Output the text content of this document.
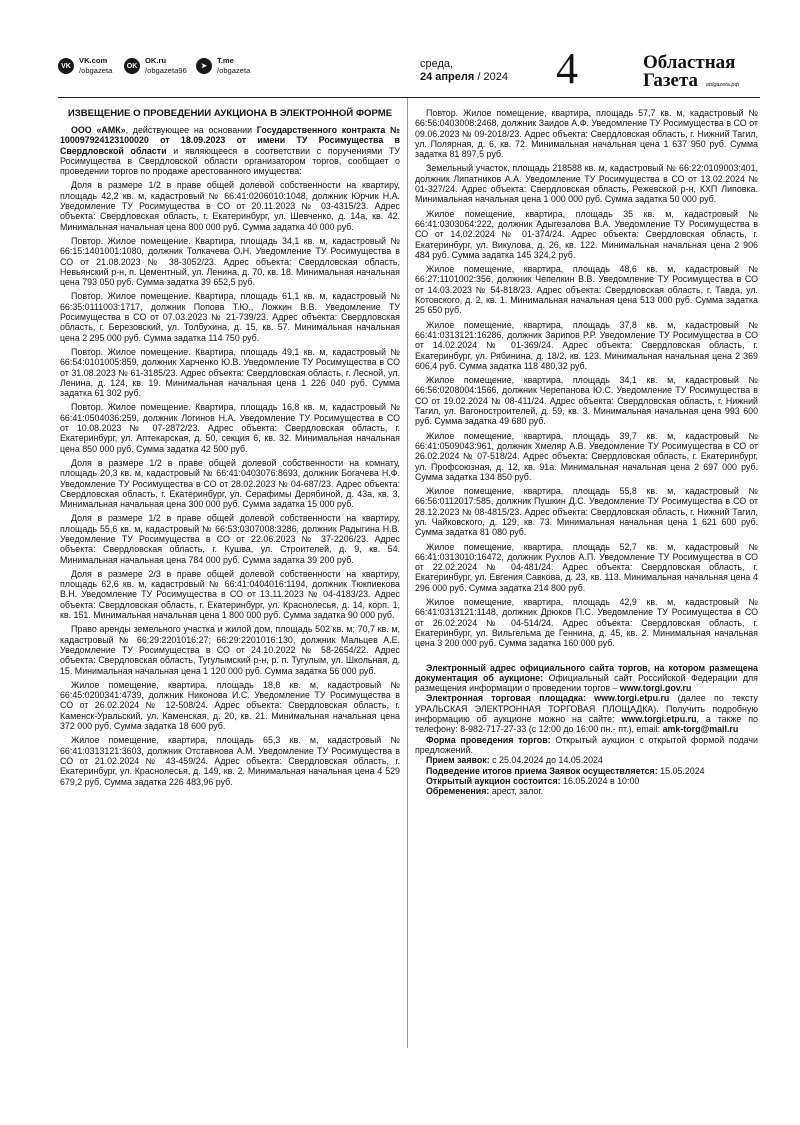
VK
VK.com
/obgazeta	OK
OK.ru
/obgazeta96	➤
T.me
/obgazeta	среда,
24 апреля / 2024 4	Областная
Газета	oblgazeta.рф
ИЗВЕЩЕНИЕ О ПРОВЕДЕНИИ АУКЦИОНА В ЭЛЕКТРОННОЙ ФОРМЕ

ООО «АМК», действующее на основании Государственного контракта № 100097924123100020 от 18.09.2023 от имени ТУ Росимущества в Свердловской области и являющееся в соответствии с поручениями ТУ Росимущества в Свердловской области организатором торгов, сообщает о проведении торгов по продаже арестованного имущества:

Доля в размере 1/2 в праве общей долевой собственности на квартиру, площадь 42,2 кв. м, кадастровый № 66:41:0206010:1048, должник Юрчик Н.А. Уведомление ТУ Росимущества в СО от 20.11.2023 № 03-4315/23. Адрес объекта: Свердловская область, г. Екатеринбург, ул. Шевченко, д. 14а, кв. 42. Минимальная начальная цена 800 000 руб. Сумма задатка 40 000 руб.

Повтор. Жилое помещение. Квартира, площадь 34,1 кв. м, кадастровый № 66:15:1401001:1080, должник Толкачева О.Н. Уведомление ТУ Росимущества в СО от 21.08.2023 № 38-3052/23. Адрес объекта: Свердловская область, Невьянский р-н, п. Цементный, ул. Ленина, д. 70, кв. 18. Минимальная начальная цена 793 050 руб. Сумма задатка 39 652,5 руб.

Повтор. Жилое помещение. Квартира, площадь 61,1 кв. м, кадастровый № 66:35:0111003:1717, должник Попова Т.Ю., Ложкин В.В. Уведомление ТУ Росимущества в СО от 07.03.2023 № 21-739/23. Адрес объекта: Свердловская область, г. Березовский, ул. Толбухина, д. 15, кв. 57. Минимальная начальная цена 2 295 000 руб. Сумма задатка 114 750 руб.

Повтор. Жилое помещение. Квартира, площадь 49,1 кв. м, кадастровый № 66:54:0101005:859, должник Харченко Ю.В. Уведомление ТУ Росимущества в СО от 31.08.2023 № 61-3185/23. Адрес объекта: Свердловская область, г. Лесной, ул. Ленина, д. 124, кв. 19. Минимальная начальная цена 1 226 040 руб. Сумма задатка 61 302 руб.

Повтор. Жилое помещение. Квартира, площадь 16,8 кв. м, кадастровый № 66:41:0504036:259, должник Логинов Н.А. Уведомление ТУ Росимущества в СО от 10.08.2023 № 07-2872/23. Адрес объекта: Свердловская область, г. Екатеринбург, ул. Аптекарская, д. 50, секция 6, кв. 32. Минимальная начальная цена 850 000 руб. Сумма задатка 42 500 руб.

Доля в размере 1/2 в праве общей долевой собственности на комнату, площадь 20,3 кв. м, кадастровый № 66:41:0403076:8693, должник Богачева Н.Ф. Уведомление ТУ Росимущества в СО от 28.02.2023 № 04-687/23. Адрес объекта: Свердловская область, г. Екатеринбург, ул. Серафимы Дерябиной, д. 43а, кв. 3. Минимальная начальная цена 300 000 руб. Сумма задатка 15 000 руб.

Доля в размере 1/2 в праве общей долевой собственности на квартиру, площадь 55,6 кв. м, кадастровый № 66:53:0307008:3286, должник Радыгина Н.В. Уведомление ТУ Росимущества в СО от 22.06.2023 № 37-2206/23. Адрес объекта: Свердловская область, г. Кушва, ул. Строителей, д. 9, кв. 54. Минимальная начальная цена 784 000 руб. Сумма задатка 39 200 руб.

Доля в размере 2/3 в праве общей долевой собственности на квартиру, площадь 62,6 кв. м, кадастровый № 66:41:0404016:1194, должник Тюкпиекова В.Н. Уведомление ТУ Росимущества в СО от 13.11.2023 № 04-4183/23. Адрес объекта: Свердловская область, г. Екатеринбург, ул. Краснолесья, д. 14, корп. 1, кв. 151. Минимальная начальная цена 1 800 000 руб. Сумма задатка 90 000 руб.

Право аренды земельного участка и жилой дом, площадь 502 кв. м; 70,7 кв. м, кадастровый № 66:29:2201016:27; 66:29:2201016:130, должник Мальцев А.Е. Уведомление ТУ Росимущества в СО от 24.10.2022 № 58-2654/22. Адрес объекта: Свердловская область, Тугулымский р-н, р. п. Тугулым, ул. Школьная, д. 15. Минимальная начальная цена 1 120 000 руб. Сумма задатка 56 000 руб.

Жилое помещение, квартира, площадь 18,8 кв. м, кадастровый № 66:45:0200341:4739, должник Никонова И.С. Уведомление ТУ Росимущества в СО от 26.02.2024 № 12-508/24. Адрес объекта: Свердловская область, г. Каменск-Уральский, ул. Каменская, д. 20, кв. 21. Минимальная начальная цена 372 000 руб. Сумма задатка 18 600 руб.

Жилое помещение, квартира, площадь 65,3 кв. м, кадастровый № 66:41:0313121:3603, должник Отставнова А.М. Уведомление ТУ Росимущества в СО от 21.02.2024 № 43-459/24. Адрес объекта: Свердловская область, г. Екатеринбург, ул. Краснолесья, д. 149, кв. 2. Минимальная начальная цена 4 529 679,2 руб. Сумма задатка 226 483,96 руб.

Повтор. Жилое помещение, квартира, площадь 57,7 кв. м, кадастровый № 66:56:0403008:2468, должник Заидов А.Ф. Уведомление ТУ Росимущества в СО от 09.06.2023 № 09-2018/23. Адрес объекта: Свердловская область, г. Нижний Тагил, ул. Полярная, д. 6, кв. 72. Минимальная начальная цена 1 637 950 руб. Сумма задатка 81 897,5 руб.

Земельный участок, площадь 218588 кв. м, кадастровый № 66:22:0109003:401, должник Липатников А.А. Уведомление ТУ Росимущества в СО от 13.02.2024 № 01-327/24. Адрес объекта: Свердловская область, Режевской р-н, КХП Липовка. Минимальная начальная цена 1 000 000 руб. Сумма задатка 50 000 руб.

Жилое помещение, квартира, площадь 35 кв. м, кадастровый № 66:41:0303064:222, должник Адыгезалова В.А. Уведомление ТУ Росимущества в СО от 14.02.2024 № 01-374/24. Адрес объекта: Свердловская область, г. Екатеринбург, ул. Викулова, д. 26, кв. 122. Минимальная начальная цена 2 906 484 руб. Сумма задатка 145 324,2 руб.

Жилое помещение, квартира, площадь 48,6 кв. м, кадастровый № 66:27:1101002:356, должник Чепелкин В.В. Уведомление ТУ Росимущества в СО от 14.03.2023 № 54-818/23. Адрес объекта: Свердловская область, г. Тавда, ул. Котовского, д. 2, кв. 1. Минимальная начальная цена 513 000 руб. Сумма задатка 25 650 руб.

Жилое помещение, квартира, площадь 37,8 кв. м, кадастровый № 66:41:0313121:16286, должник Зарипов Р.Р. Уведомление ТУ Росимущества в СО от 14.02.2024 № 01-369/24. Адрес объекта: Свердловская область, г. Екатеринбург, ул. Рябинина, д. 18/2, кв. 123. Минимальная начальная цена 2 369 606,4 руб. Сумма задатка 118 480,32 руб.

Жилое помещение, квартира, площадь 34,1 кв. м, кадастровый № 66:56:0208004:1566, должник Черепанова Ю.С. Уведомление ТУ Росимущества в СО от 19.02.2024 № 08-411/24. Адрес объекта: Свердловская область, г. Нижний Тагил, ул. Вагоностроителей, д. 59, кв. 3. Минимальная начальная цена 993 600 руб. Сумма задатка 49 680 руб.

Жилое помещение, квартира, площадь 39,7 кв. м, кадастровый № 66:41:0509043:961, должник Хмеляр А.В. Уведомление ТУ Росимущества в СО от 26.02.2024 № 07-518/24. Адрес объекта: Свердловская область, г. Екатеринбург, ул. Профсоюзная, д. 12, кв. 91а. Минимальная начальная цена 2 697 000 руб. Сумма задатка 134 850 руб.

Жилое помещение, квартира, площадь 55,8 кв. м, кадастровый № 66:56:0112017:585, должник Пушкин Д.С. Уведомление ТУ Росимущества в СО от 28.12.2023 № 08-4815/23. Адрес объекта: Свердловская область, г. Нижний Тагил, ул. Чайковского, д. 129, кв. 73. Минимальная начальная цена 1 621 600 руб. Сумма задатка 81 080 руб.

Жилое помещение, квартира, площадь 52,7 кв. м, кадастровый № 66:41:0313010:16472, должник Рухлов А.П. Уведомление ТУ Росимущества в СО от 22.02.2024 № 04-481/24. Адрес объекта: Свердловская область, г. Екатеринбург, ул. Евгения Савкова, д. 23, кв. 113. Минимальная начальная цена 4 296 000 руб. Сумма задатка 214 800 руб.

Жилое помещение, квартира, площадь 42,9 кв. м, кадастровый № 66:41:0313121:1148, должник Дрюков П.С. Уведомление ТУ Росимущества в СО от 26.02.2024 № 04-514/24. Адрес объекта: Свердловская область, г. Екатеринбург, ул. Вильгельма де Геннина, д. 45, кв. 2. Минимальная начальная цена 3 200 000 руб. Сумма задатка 160 000 руб.

Электронный адрес официального сайта торгов, на котором размещена документация об аукционе: Официальный сайт Российской Федерации для размещения информации о проведении торгов – www.torgi.gov.ru

Электронная торговая площадка: www.torgi.etpu.ru (далее по тексту УРАЛЬСКАЯ ЭЛЕКТРОННАЯ ТОРГОВАЯ ПЛОЩАДКА). Получить подробную информацию об аукционе можно на сайте: www.torgi.etpu.ru, а также по телефону: 8-982-717-27-33 (с 12:00 до 16:00 пн.- пт.), email: amk-torg@mail.ru

Форма проведения торгов: Открытый аукцион с открытой формой подачи предложений.

Прием заявок: с 25.04.2024 до 14.05.2024

Подведение итогов приема Заявок осуществляется: 15.05.2024

Открытый аукцион состоится: 16.05.2024 в 10:00

Обременения: арест, залог.
